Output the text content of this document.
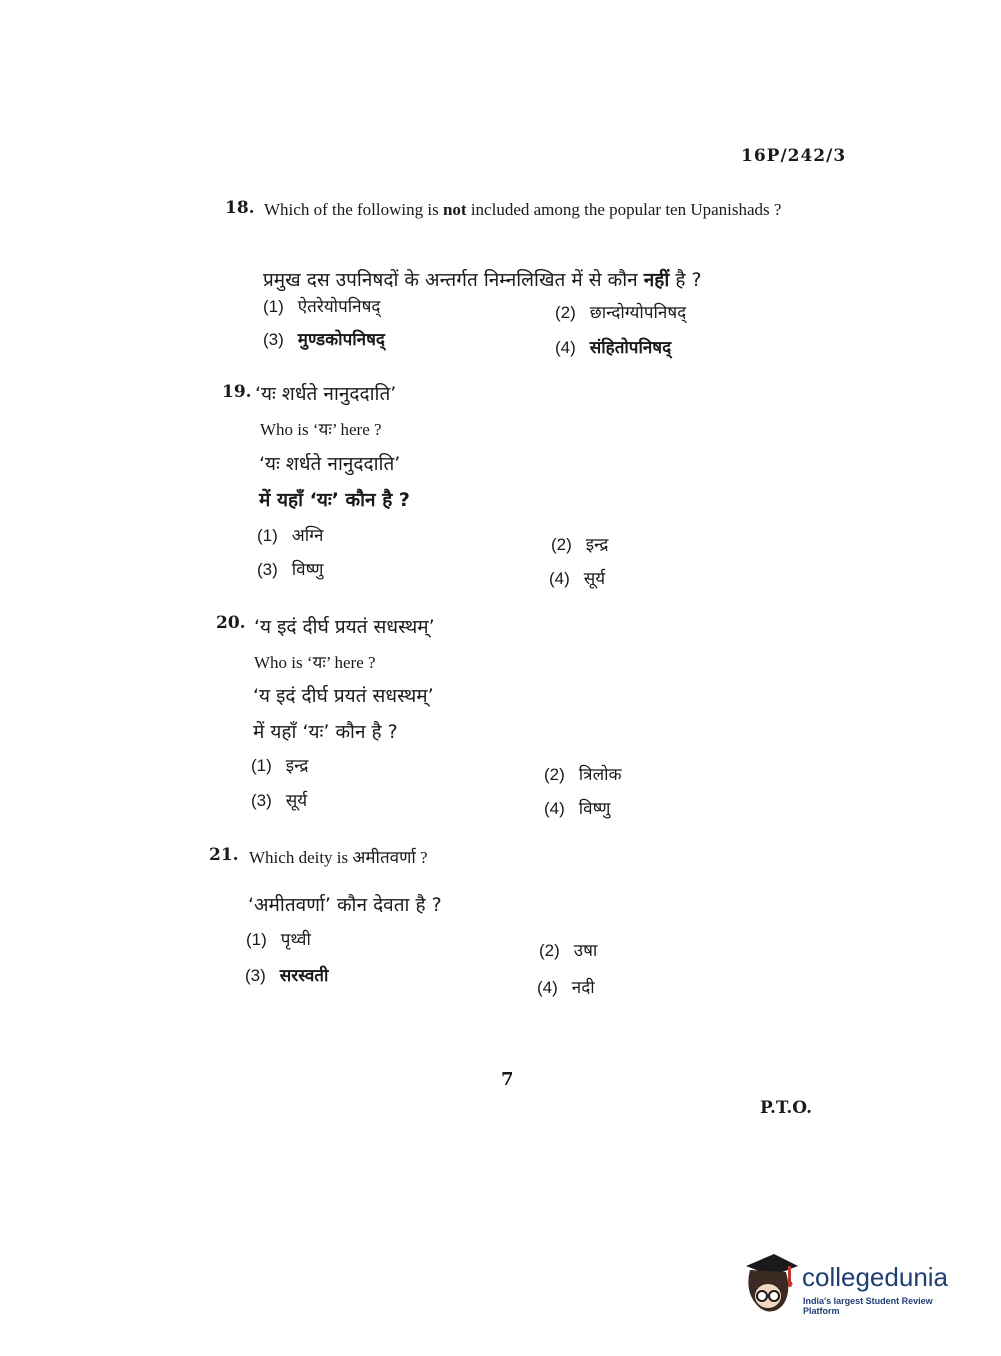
16P/242/3
18. Which of the following is not included among the popular ten Upanishads ?
प्रमुख दस उपनिषदों के अन्तर्गत निम्नलिखित में से कौन नहीं है ?
(1) ऐतरेयोपनिषद्	(2) छान्दोग्योपनिषद्
(3) मुण्डकोपनिषद्	(4) संहितोपनिषद्
19. ‘यः शर्धते नानुददाति’
Who is ‘यः’ here ?
‘यः शर्धते नानुददाति’
में यहाँ ‘यः’ कौन है ?
(1) अग्नि	(2) इन्द्र
(3) विष्णु	(4) सूर्य
20. ‘य इदं दीर्घ प्रयतं सधस्थम्’
Who is ‘यः’ here ?
‘य इदं दीर्घ प्रयतं सधस्थम्’
में यहाँ ‘यः’ कौन है ?
(1) इन्द्र	(2) त्रिलोक
(3) सूर्य	(4) विष्णु
21. Which deity is अमीतवर्णा ?
‘अमीतवर्णा’ कौन देवता है ?
(1) पृथ्वी
(2) उषा
(3) सरस्वती
(4) नदी
7
P.T.O.
collegedunia
India's largest Student Review Platform
